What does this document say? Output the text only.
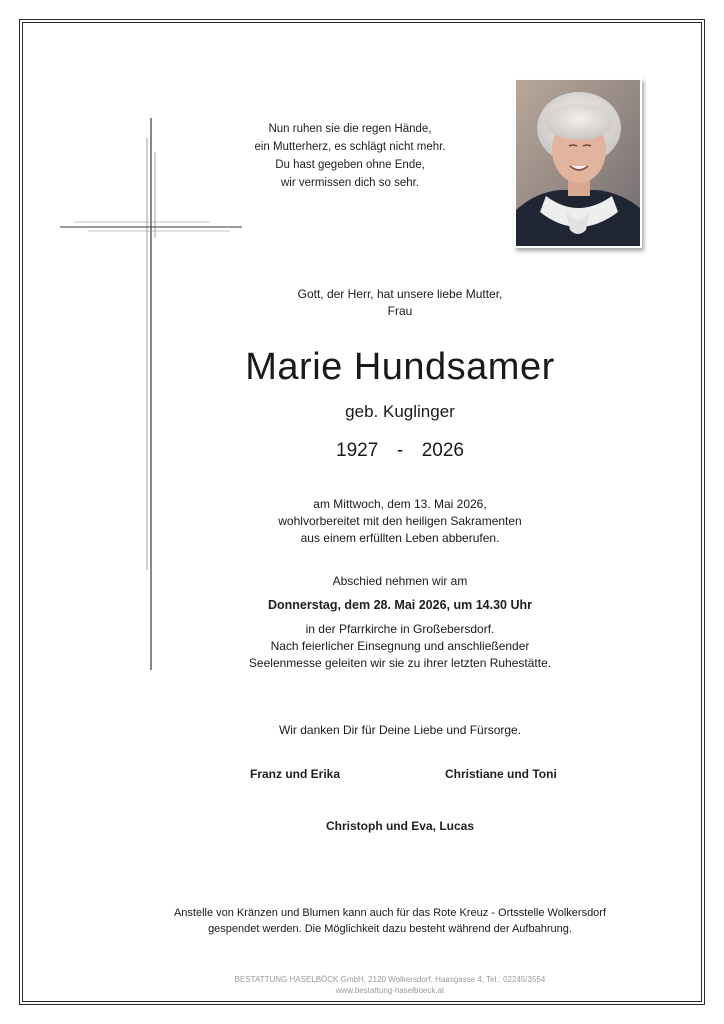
Nun ruhen sie die regen Hände,
ein Mutterherz, es schlägt nicht mehr.
Du hast gegeben ohne Ende,
wir vermissen dich so sehr.
Gott, der Herr, hat unsere liebe Mutter,
Frau
Marie Hundsamer
geb. Kuglinger
1927  -  2026
am Mittwoch, dem 13. Mai 2026,
wohlvorbereitet mit den heiligen Sakramenten
aus einem erfüllten Leben abberufen.
Abschied nehmen wir am
Donnerstag, dem 28. Mai 2026, um 14.30 Uhr
in der Pfarrkirche in Großebersdorf.
Nach feierlicher Einsegnung und anschließender
Seelenmesse geleiten wir sie zu ihrer letzten Ruhestätte.
Wir danken Dir für Deine Liebe und Fürsorge.
Franz und Erika	Christiane und Toni
Christoph und Eva, Lucas
Anstelle von Kränzen und Blumen kann auch für das Rote Kreuz - Ortsstelle Wolkersdorf
gespendet werden. Die Möglichkeit dazu besteht während der Aufbahrung.
BESTATTUNG HASELBÖCK GmbH, 2120 Wolkersdorf, Haasgasse 4, Tel.: 02245/3554
www.bestattung-haselboeck.at
